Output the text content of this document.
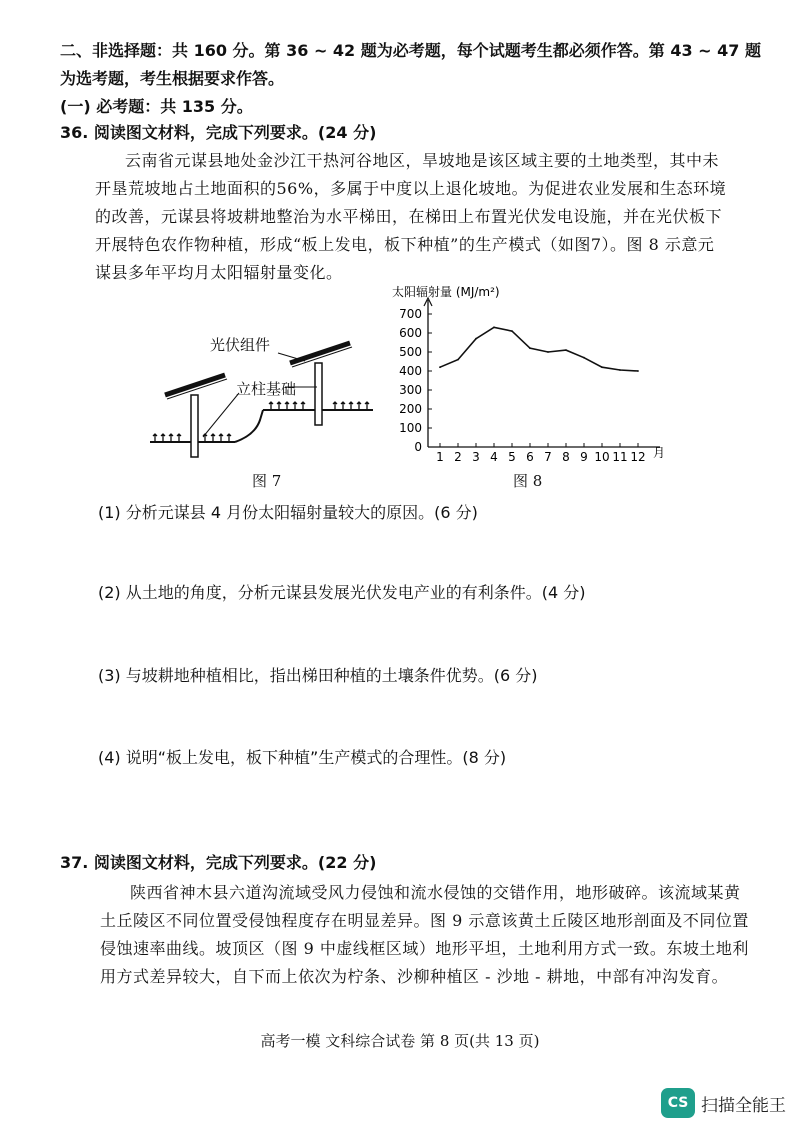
二、非选择题：共 160 分。第 36 ~ 42 题为必考题，每个试题考生都必须作答。第 43 ~ 47 题
为选考题，考生根据要求作答。
(一) 必考题：共 135 分。
36. 阅读图文材料，完成下列要求。(24 分)
云南省元谋县地处金沙江干热河谷地区，旱坡地是该区域主要的土地类型，其中未
开垦荒坡地占土地面积的56%，多属于中度以上退化坡地。为促进农业发展和生态环境
的改善，元谋县将坡耕地整治为水平梯田，在梯田上布置光伏发电设施，并在光伏板下
开展特色农作物种植，形成“板上发电，板下种植”的生产模式（如图7）。图 8 示意元
谋县多年平均月太阳辐射量变化。
光伏组件
立柱基础
图 7
太阳辐射量 (MJ/m²)
0
100
200
300
400
500
600
700
1 2 3 4 5 6 7 8 9 10 11 12 月
图 8
(1) 分析元谋县 4 月份太阳辐射量较大的原因。(6 分)
(2) 从土地的角度，分析元谋县发展光伏发电产业的有利条件。(4 分)
(3) 与坡耕地种植相比，指出梯田种植的土壤条件优势。(6 分)
(4) 说明“板上发电，板下种植”生产模式的合理性。(8 分)
37. 阅读图文材料，完成下列要求。(22 分)
陕西省神木县六道沟流域受风力侵蚀和流水侵蚀的交错作用，地形破碎。该流域某黄
土丘陵区不同位置受侵蚀程度存在明显差异。图 9 示意该黄土丘陵区地形剖面及不同位置
侵蚀速率曲线。坡顶区（图 9 中虚线框区域）地形平坦，土地利用方式一致。东坡土地利
用方式差异较大，自下而上依次为柠条、沙柳种植区 - 沙地 - 耕地，中部有冲沟发育。
高考一模 文科综合试卷 第 8 页(共 13 页)
CS 扫描全能王
